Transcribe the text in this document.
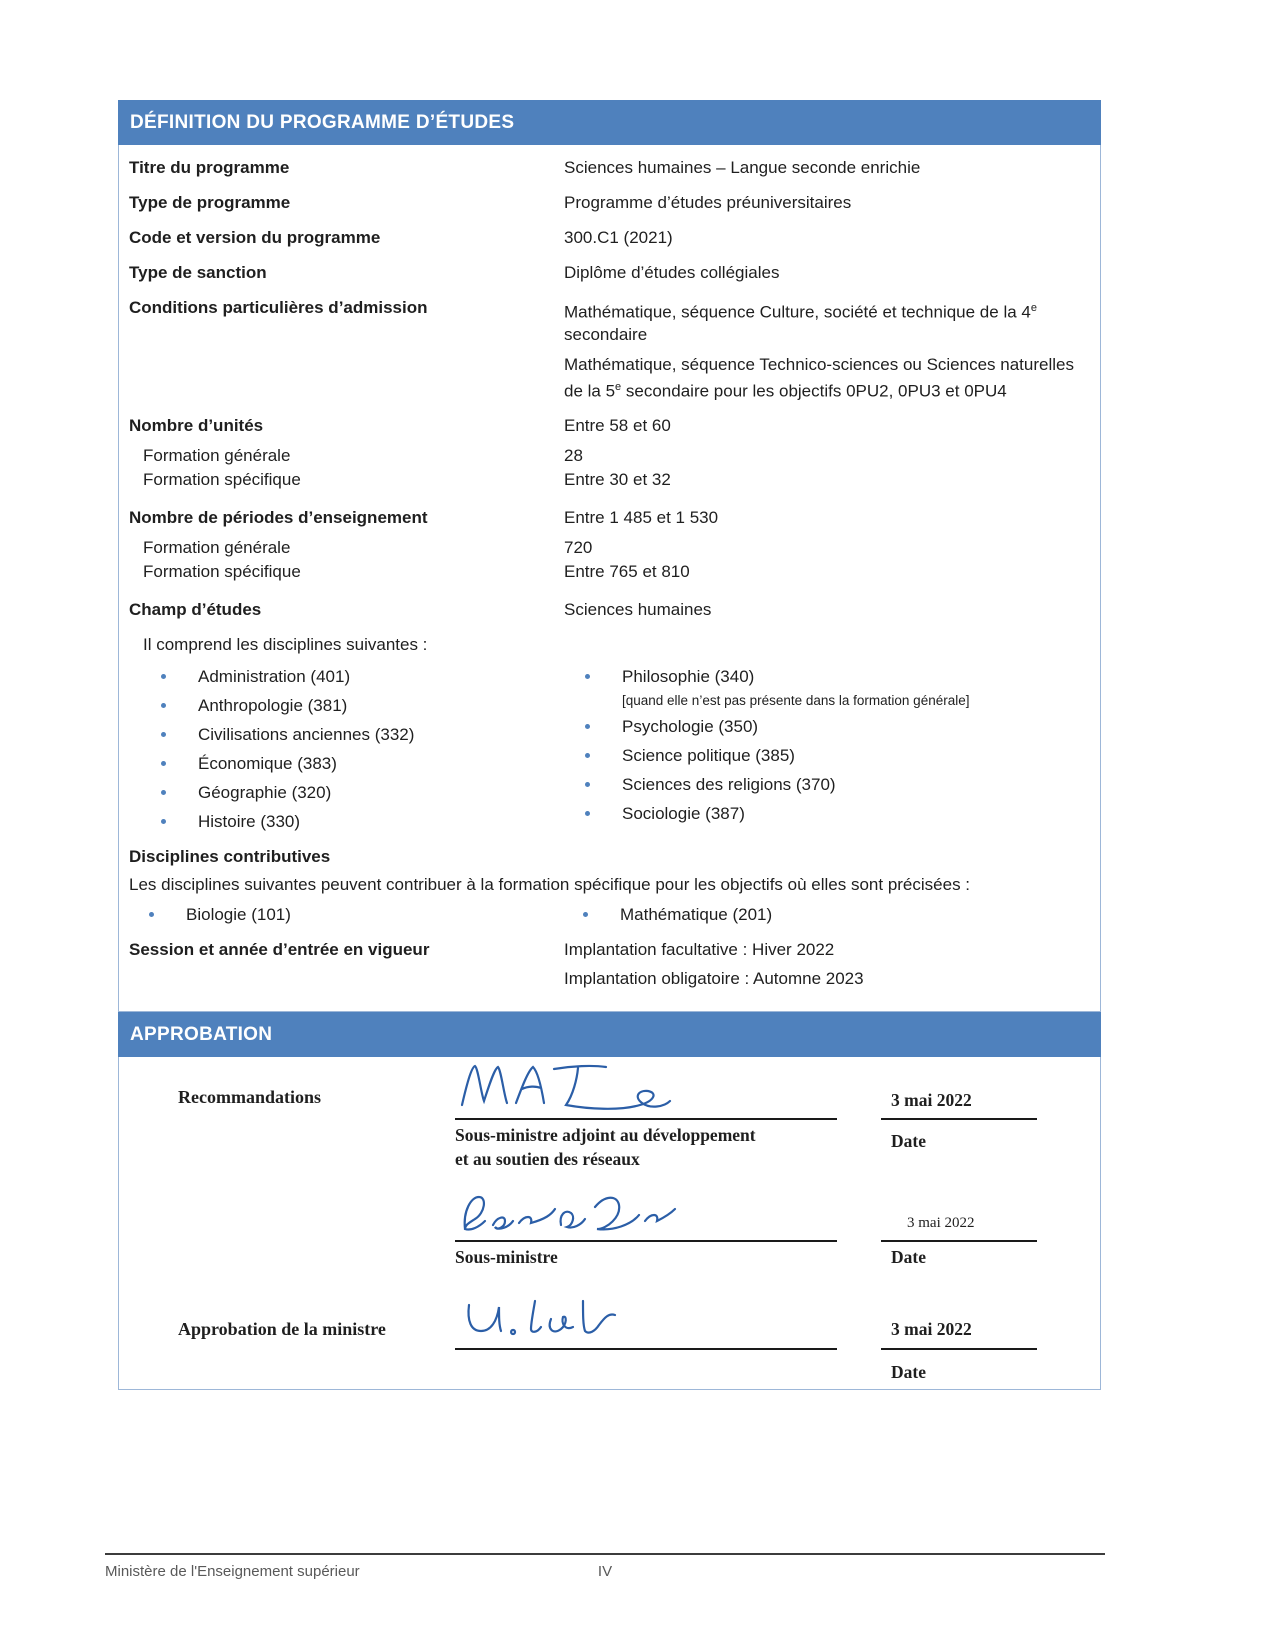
DÉFINITION DU PROGRAMME D’ÉTUDES
Titre du programme	Sciences humaines – Langue seconde enrichie
Type de programme	Programme d’études préuniversitaires
Code et version du programme	300.C1 (2021)
Type de sanction	Diplôme d’études collégiales
Conditions particulières d’admission	Mathématique, séquence Culture, société et technique de la 4e secondaire

Mathématique, séquence Technico-sciences ou Sciences naturelles de la 5e secondaire pour les objectifs 0PU2, 0PU3 et 0PU4

Nombre d’unités	Entre 58 et 60
Formation générale	28
Formation spécifique	Entre 30 et 32
Nombre de périodes d’enseignement	Entre 1 485 et 1 530
Formation générale	720
Formation spécifique	Entre 765 et 810
Champ d’études	Sciences humaines
Il comprend les disciplines suivantes :
Administration (401)
Anthropologie (381)
Civilisations anciennes (332)
Économique (383)
Géographie (320)
Histoire (330)
Philosophie (340)
[quand elle n’est pas présente dans la formation générale]
Psychologie (350)
Science politique (385)
Sciences des religions (370)
Sociologie (387)
Disciplines contributives
Les disciplines suivantes peuvent contribuer à la formation spécifique pour les objectifs où elles sont précisées :
Biologie (101)	Mathématique (201)
Session et année d’entrée en vigueur	Implantation facultative : Hiver 2022
Implantation obligatoire : Automne 2023
APPROBATION
Recommandations
Sous-ministre adjoint au développement
et au soutien des réseaux
3 mai 2022
Date
Sous-ministre
3 mai 2022
Date
Approbation de la ministre	3 mai 2022
Date
Ministère de l'Enseignement supérieur	IV
